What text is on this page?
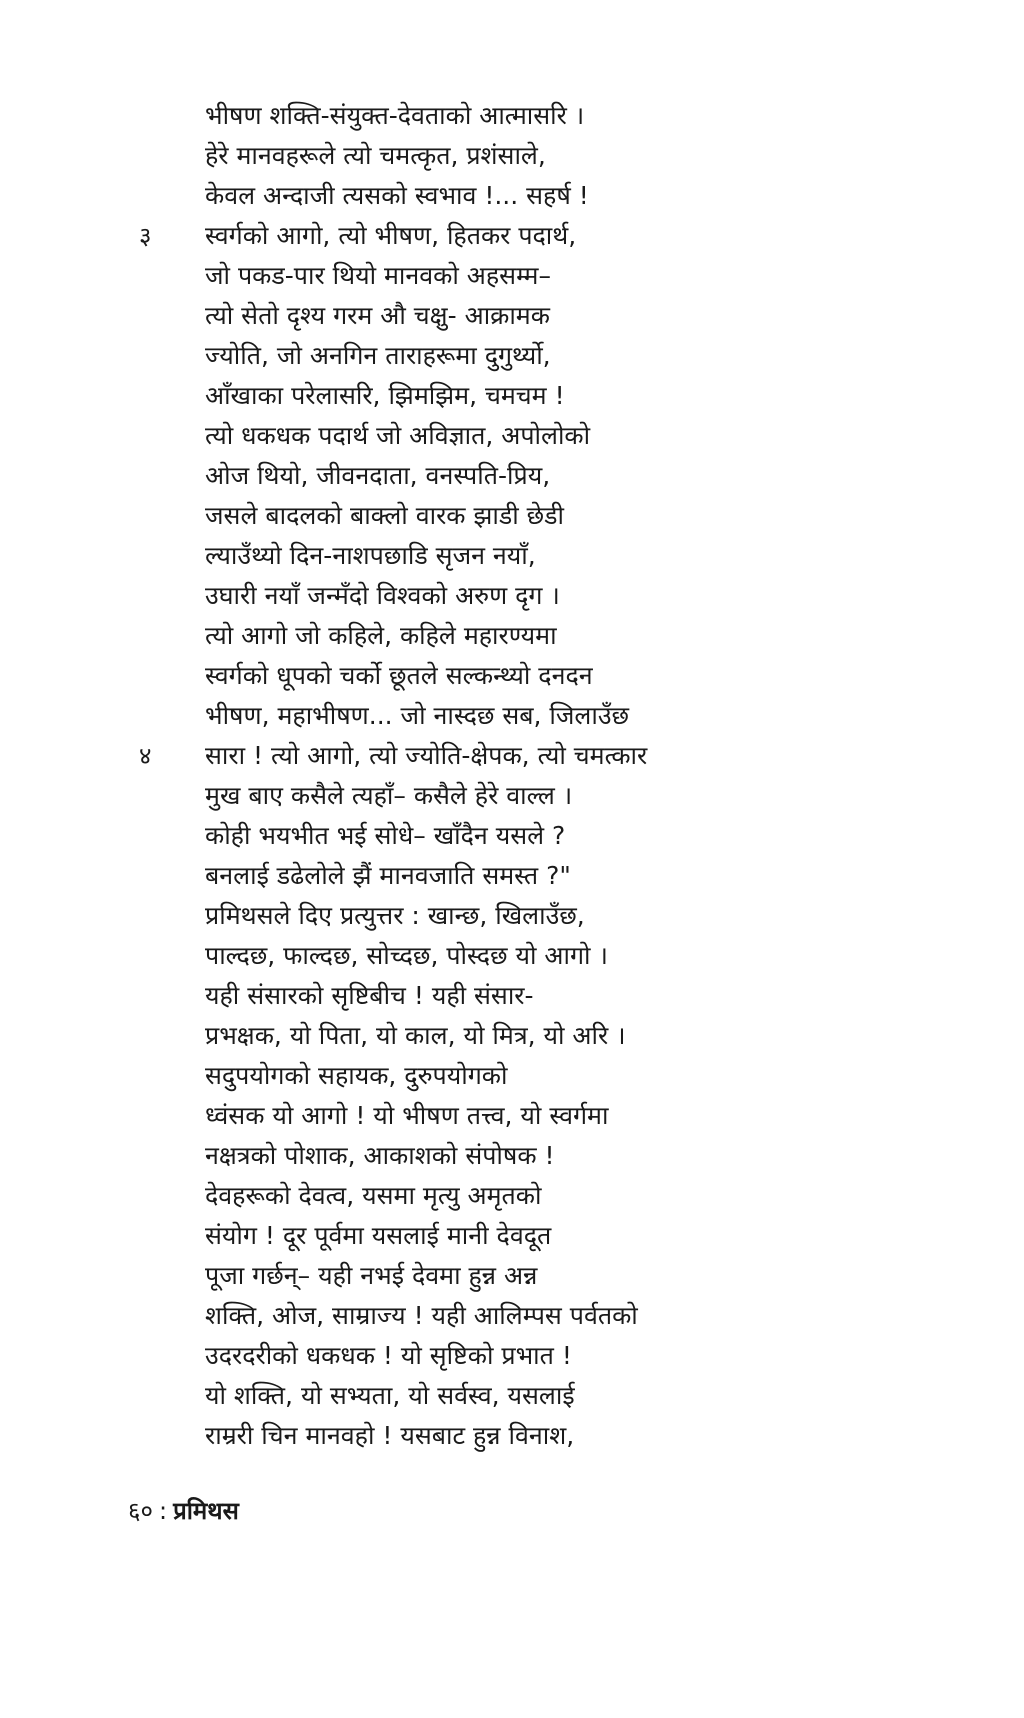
भीषण शक्ति-संयुक्त-देवताको आत्मासरि ।
हेरे मानवहरूले त्यो चमत्कृत, प्रशंसाले,
केवल अन्दाजी त्यसको स्वभाव !... सहर्ष !
३ स्वर्गको आगो, त्यो भीषण, हितकर पदार्थ,
जो पकड-पार थियो मानवको अहसम्म–
त्यो सेतो दृश्य गरम औ चक्षु- आक्रामक
ज्योति, जो अनगिन ताराहरूमा दुगुर्थ्यो,
आँखाका परेलासरि, झिमझिम, चमचम !
त्यो धकधक पदार्थ जो अविज्ञात, अपोलोको
ओज थियो, जीवनदाता, वनस्पति-प्रिय,
जसले बादलको बाक्लो वारक झाडी छेडी
ल्याउँथ्यो दिन-नाशपछाडि सृजन नयाँ,
उघारी नयाँ जन्मँदो विश्वको अरुण दृग ।
त्यो आगो जो कहिले, कहिले महारण्यमा
स्वर्गको धूपको चर्को छूतले सल्कन्थ्यो दनदन
भीषण, महाभीषण... जो नास्दछ सब, जिलाउँछ
४ सारा ! त्यो आगो, त्यो ज्योति-क्षेपक, त्यो चमत्कार
मुख बाए कसैले त्यहाँ– कसैले हेरे वाल्ल ।
कोही भयभीत भई सोधे– खाँदैन यसले ?
बनलाई डढेलोले झैं मानवजाति समस्त ?"
प्रमिथसले दिए प्रत्युत्तर : खान्छ, खिलाउँछ,
पाल्दछ, फाल्दछ, सोच्दछ, पोस्दछ यो आगो ।
यही संसारको सृष्टिबीच ! यही संसार-
प्रभक्षक, यो पिता, यो काल, यो मित्र, यो अरि ।
सदुपयोगको सहायक, दुरुपयोगको
ध्वंसक यो आगो ! यो भीषण तत्त्व, यो स्वर्गमा
नक्षत्रको पोशाक, आकाशको संपोषक !
देवहरूको देवत्व, यसमा मृत्यु अमृतको
संयोग ! दूर पूर्वमा यसलाई मानी देवदूत
पूजा गर्छन्– यही नभई देवमा हुन्न अन्न
शक्ति, ओज, साम्राज्य ! यही आलिम्पस पर्वतको
उदरदरीको धकधक ! यो सृष्टिको प्रभात !
यो शक्ति, यो सभ्यता, यो सर्वस्व, यसलाई
राम्ररी चिन मानवहो ! यसबाट हुन्न विनाश,
६० : प्रमिथस
